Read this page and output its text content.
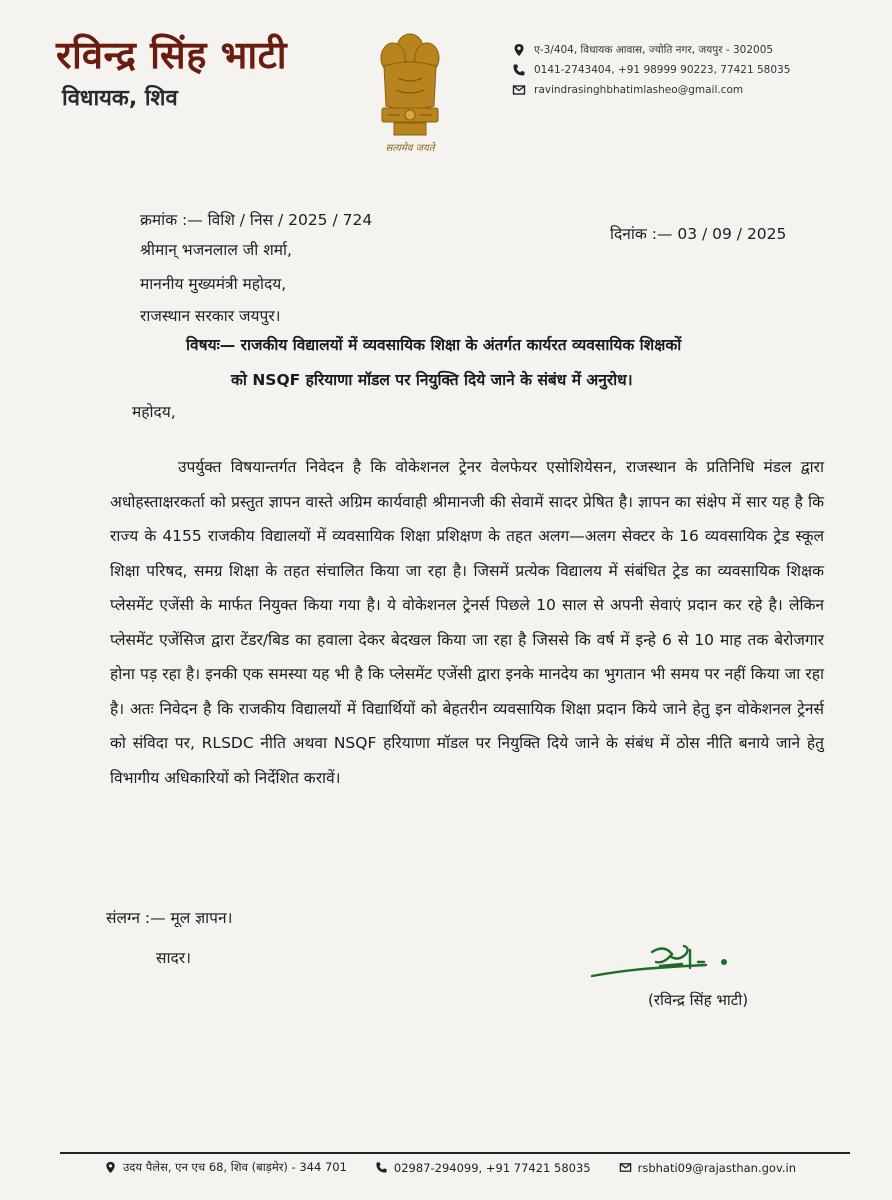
रविन्द्र सिंह भाटी
विधायक, शिव
सत्यमेव जयते
ए-3/404, विधायक आवास, ज्योति नगर, जयपुर - 302005
0141-2743404, +91 98999 90223, 77421 58035
ravindrasinghbhatimlasheo@gmail.com
क्रमांक :— विशि / निस / 2025 / 724
दिनांक :— 03 / 09 / 2025
श्रीमान् भजनलाल जी शर्मा,
माननीय मुख्यमंत्री महोदय,
राजस्थान सरकार जयपुर।
विषयः— राजकीय विद्यालयों में व्यवसायिक शिक्षा के अंतर्गत कार्यरत व्यवसायिक शिक्षकों
को NSQF हरियाणा मॉडल पर नियुक्ति दिये जाने के संबंध में अनुरोध।
महोदय,
उपर्युक्त विषयान्तर्गत निवेदन है कि वोकेशनल ट्रेनर वेलफेयर एसोशियेसन, राजस्थान के प्रतिनिधि मंडल द्वारा अधोहस्ताक्षरकर्ता को प्रस्तुत ज्ञापन वास्ते अग्रिम कार्यवाही श्रीमानजी की सेवामें सादर प्रेषित है। ज्ञापन का संक्षेप में सार यह है कि राज्य के 4155 राजकीय विद्यालयों में व्यवसायिक शिक्षा प्रशिक्षण के तहत अलग—अलग सेक्टर के 16 व्यवसायिक ट्रेड स्कूल शिक्षा परिषद, समग्र शिक्षा के तहत संचालित किया जा रहा है। जिसमें प्रत्येक विद्यालय में संबंधित ट्रेड का व्यवसायिक शिक्षक प्लेसमेंट एजेंसी के मार्फत नियुक्त किया गया है। ये वोकेशनल ट्रेनर्स पिछले 10 साल से अपनी सेवाएं प्रदान कर रहे है। लेकिन प्लेसमेंट एजेंसिज द्वारा टेंडर/बिड का हवाला देकर बेदखल किया जा रहा है जिससे कि वर्ष में इन्हे 6 से 10 माह तक बेरोजगार होना पड़ रहा है। इनकी एक समस्या यह भी है कि प्लेसमेंट एजेंसी द्वारा इनके मानदेय का भुगतान भी समय पर नहीं किया जा रहा है। अतः निवेदन है कि राजकीय विद्यालयों में विद्यार्थियों को बेहतरीन व्यवसायिक शिक्षा प्रदान किये जाने हेतु इन वोकेशनल ट्रेनर्स को संविदा पर, RLSDC नीति अथवा NSQF हरियाणा मॉडल पर नियुक्ति दिये जाने के संबंध में ठोस नीति बनाये जाने हेतु विभागीय अधिकारियों को निर्देशित करावें।
संलग्न :— मूल ज्ञापन।
सादर।
(रविन्द्र सिंह भाटी)
उदय पैलेस, एन एच 68, शिव (बाड़मेर) - 344 701	02987-294099, +91 77421 58035	rsbhati09@rajasthan.gov.in
